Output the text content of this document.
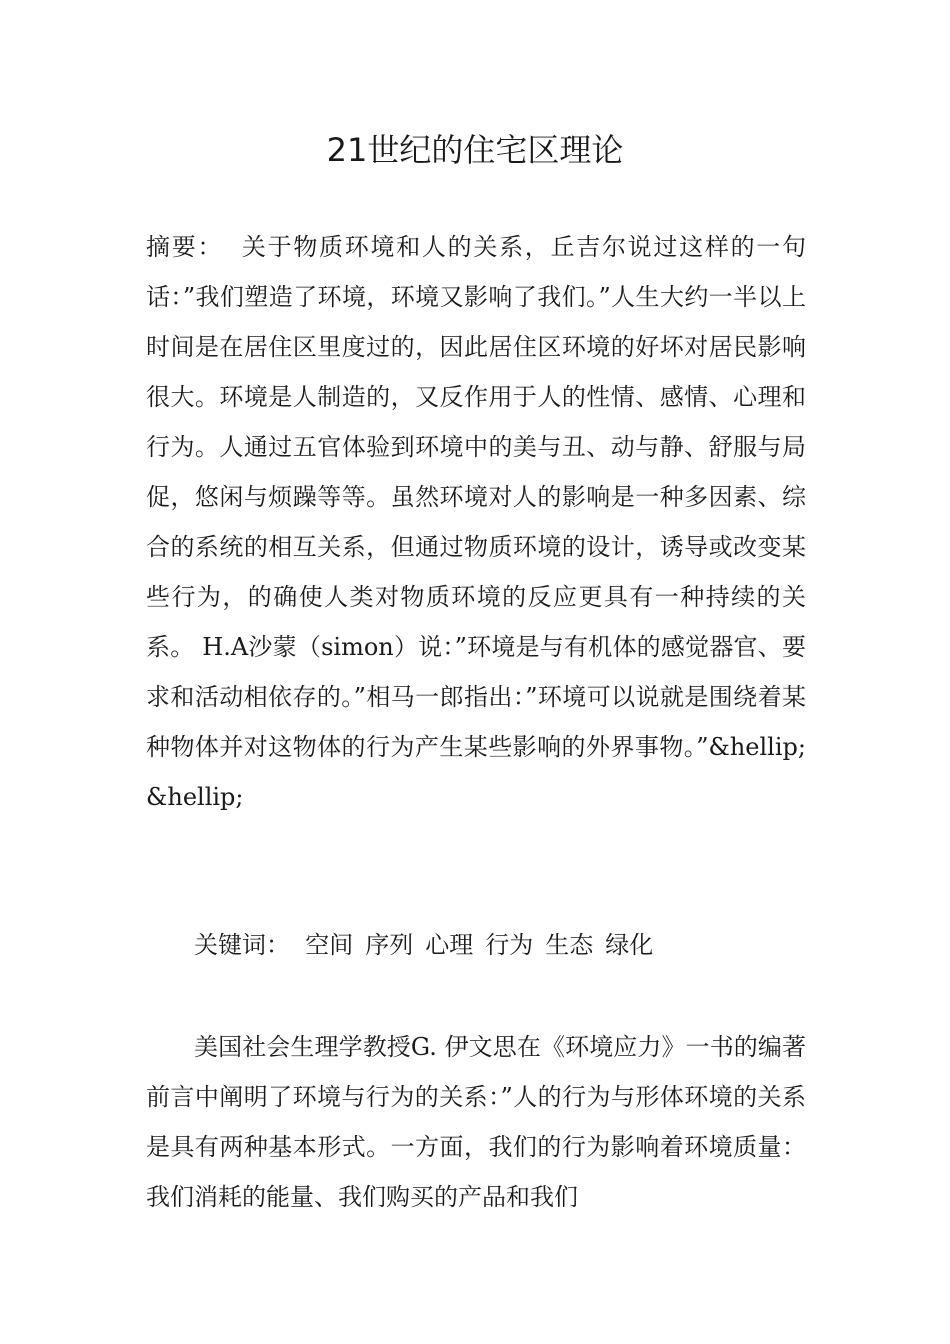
21世纪的住宅区理论

摘要： 关于物质环境和人的关系，丘吉尔说过这样的一句话：”我们塑造了环境，环境又影响了我们。”人生大约一半以上时间是在居住区里度过的，因此居住区环境的好坏对居民影响很大。环境是人制造的，又反作用于人的性情、感情、心理和行为。人通过五官体验到环境中的美与丑、动与静、舒服与局促，悠闲与烦躁等等。虽然环境对人的影响是一种多因素、综合的系统的相互关系，但通过物质环境的设计，诱导或改变某些行为，的确使人类对物质环境的反应更具有一种持续的关系。 H.A沙蒙（simon）说：”环境是与有机体的感觉器官、要求和活动相依存的。”相马一郎指出：”环境可以说就是围绕着某种物体并对这物体的行为产生某些影响的外界事物。”&hellip;&hellip;

关键词： 空间 序列 心理 行为 生态 绿化

美国社会生理学教授G. 伊文思在《环境应力》一书的编著前言中阐明了环境与行为的关系：”人的行为与形体环境的关系是具有两种基本形式。一方面，我们的行为影响着环境质量：我们消耗的能量、我们购买的产品和我们
